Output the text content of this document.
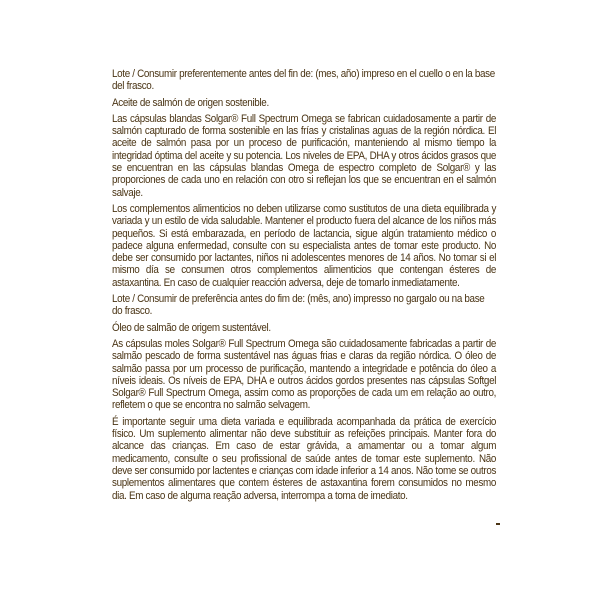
Lote / Consumir preferentemente antes del fin de: (mes, año) impreso en el cuello o en la base del frasco.

Aceite de salmón de origen sostenible.

Las cápsulas blandas Solgar® Full Spectrum Omega se fabrican cuidadosamente a partir de salmón capturado de forma sostenible en las frías y cristalinas aguas de la región nórdica. El aceite de salmón pasa por un proceso de purificación, manteniendo al mismo tiempo la integridad óptima del aceite y su potencia. Los niveles de EPA, DHA y otros ácidos grasos que se encuentran en las cápsulas blandas Omega de espectro completo de Solgar® y las proporciones de cada uno en relación con otro si reflejan los que se encuentran en el salmón salvaje.

Los complementos alimenticios no deben utilizarse como sustitutos de una dieta equilibrada y variada y un estilo de vida saludable. Mantener el producto fuera del alcance de los niños más pequeños. Si está embarazada, en período de lactancia, sigue algún tratamiento médico o padece alguna enfermedad, consulte con su especialista antes de tomar este producto. No debe ser consumido por lactantes, niños ni adolescentes menores de 14 años. No tomar si el mismo día se consumen otros complementos alimenticios que contengan ésteres de astaxantina. En caso de cualquier reacción adversa, deje de tomarlo inmediatamente.

Lote / Consumir de preferência antes do fim de: (mês, ano) impresso no gargalo ou na base do frasco.

Óleo de salmão de origem sustentável.

As cápsulas moles Solgar® Full Spectrum Omega são cuidadosamente fabricadas a partir de salmão pescado de forma sustentável nas águas frias e claras da região nórdica. O óleo de salmão passa por um processo de purificação, mantendo a integridade e potência do óleo a níveis ideais. Os níveis de EPA, DHA e outros ácidos gordos presentes nas cápsulas Softgel Solgar® Full Spectrum Omega, assim como as proporções de cada um em relação ao outro, refletem o que se encontra no salmão selvagem.

É importante seguir uma dieta variada e equilibrada acompanhada da prática de exercício físico. Um suplemento alimentar não deve substituir as refeições principais. Manter fora do alcance das crianças. Em caso de estar grávida, a amamentar ou a tomar algum medicamento, consulte o seu profissional de saúde antes de tomar este suplemento. Não deve ser consumido por lactentes e crianças com idade inferior a 14 anos. Não tome se outros suplementos alimentares que contem ésteres de astaxantina forem consumidos no mesmo dia. Em caso de alguma reação adversa, interrompa a toma de imediato.
